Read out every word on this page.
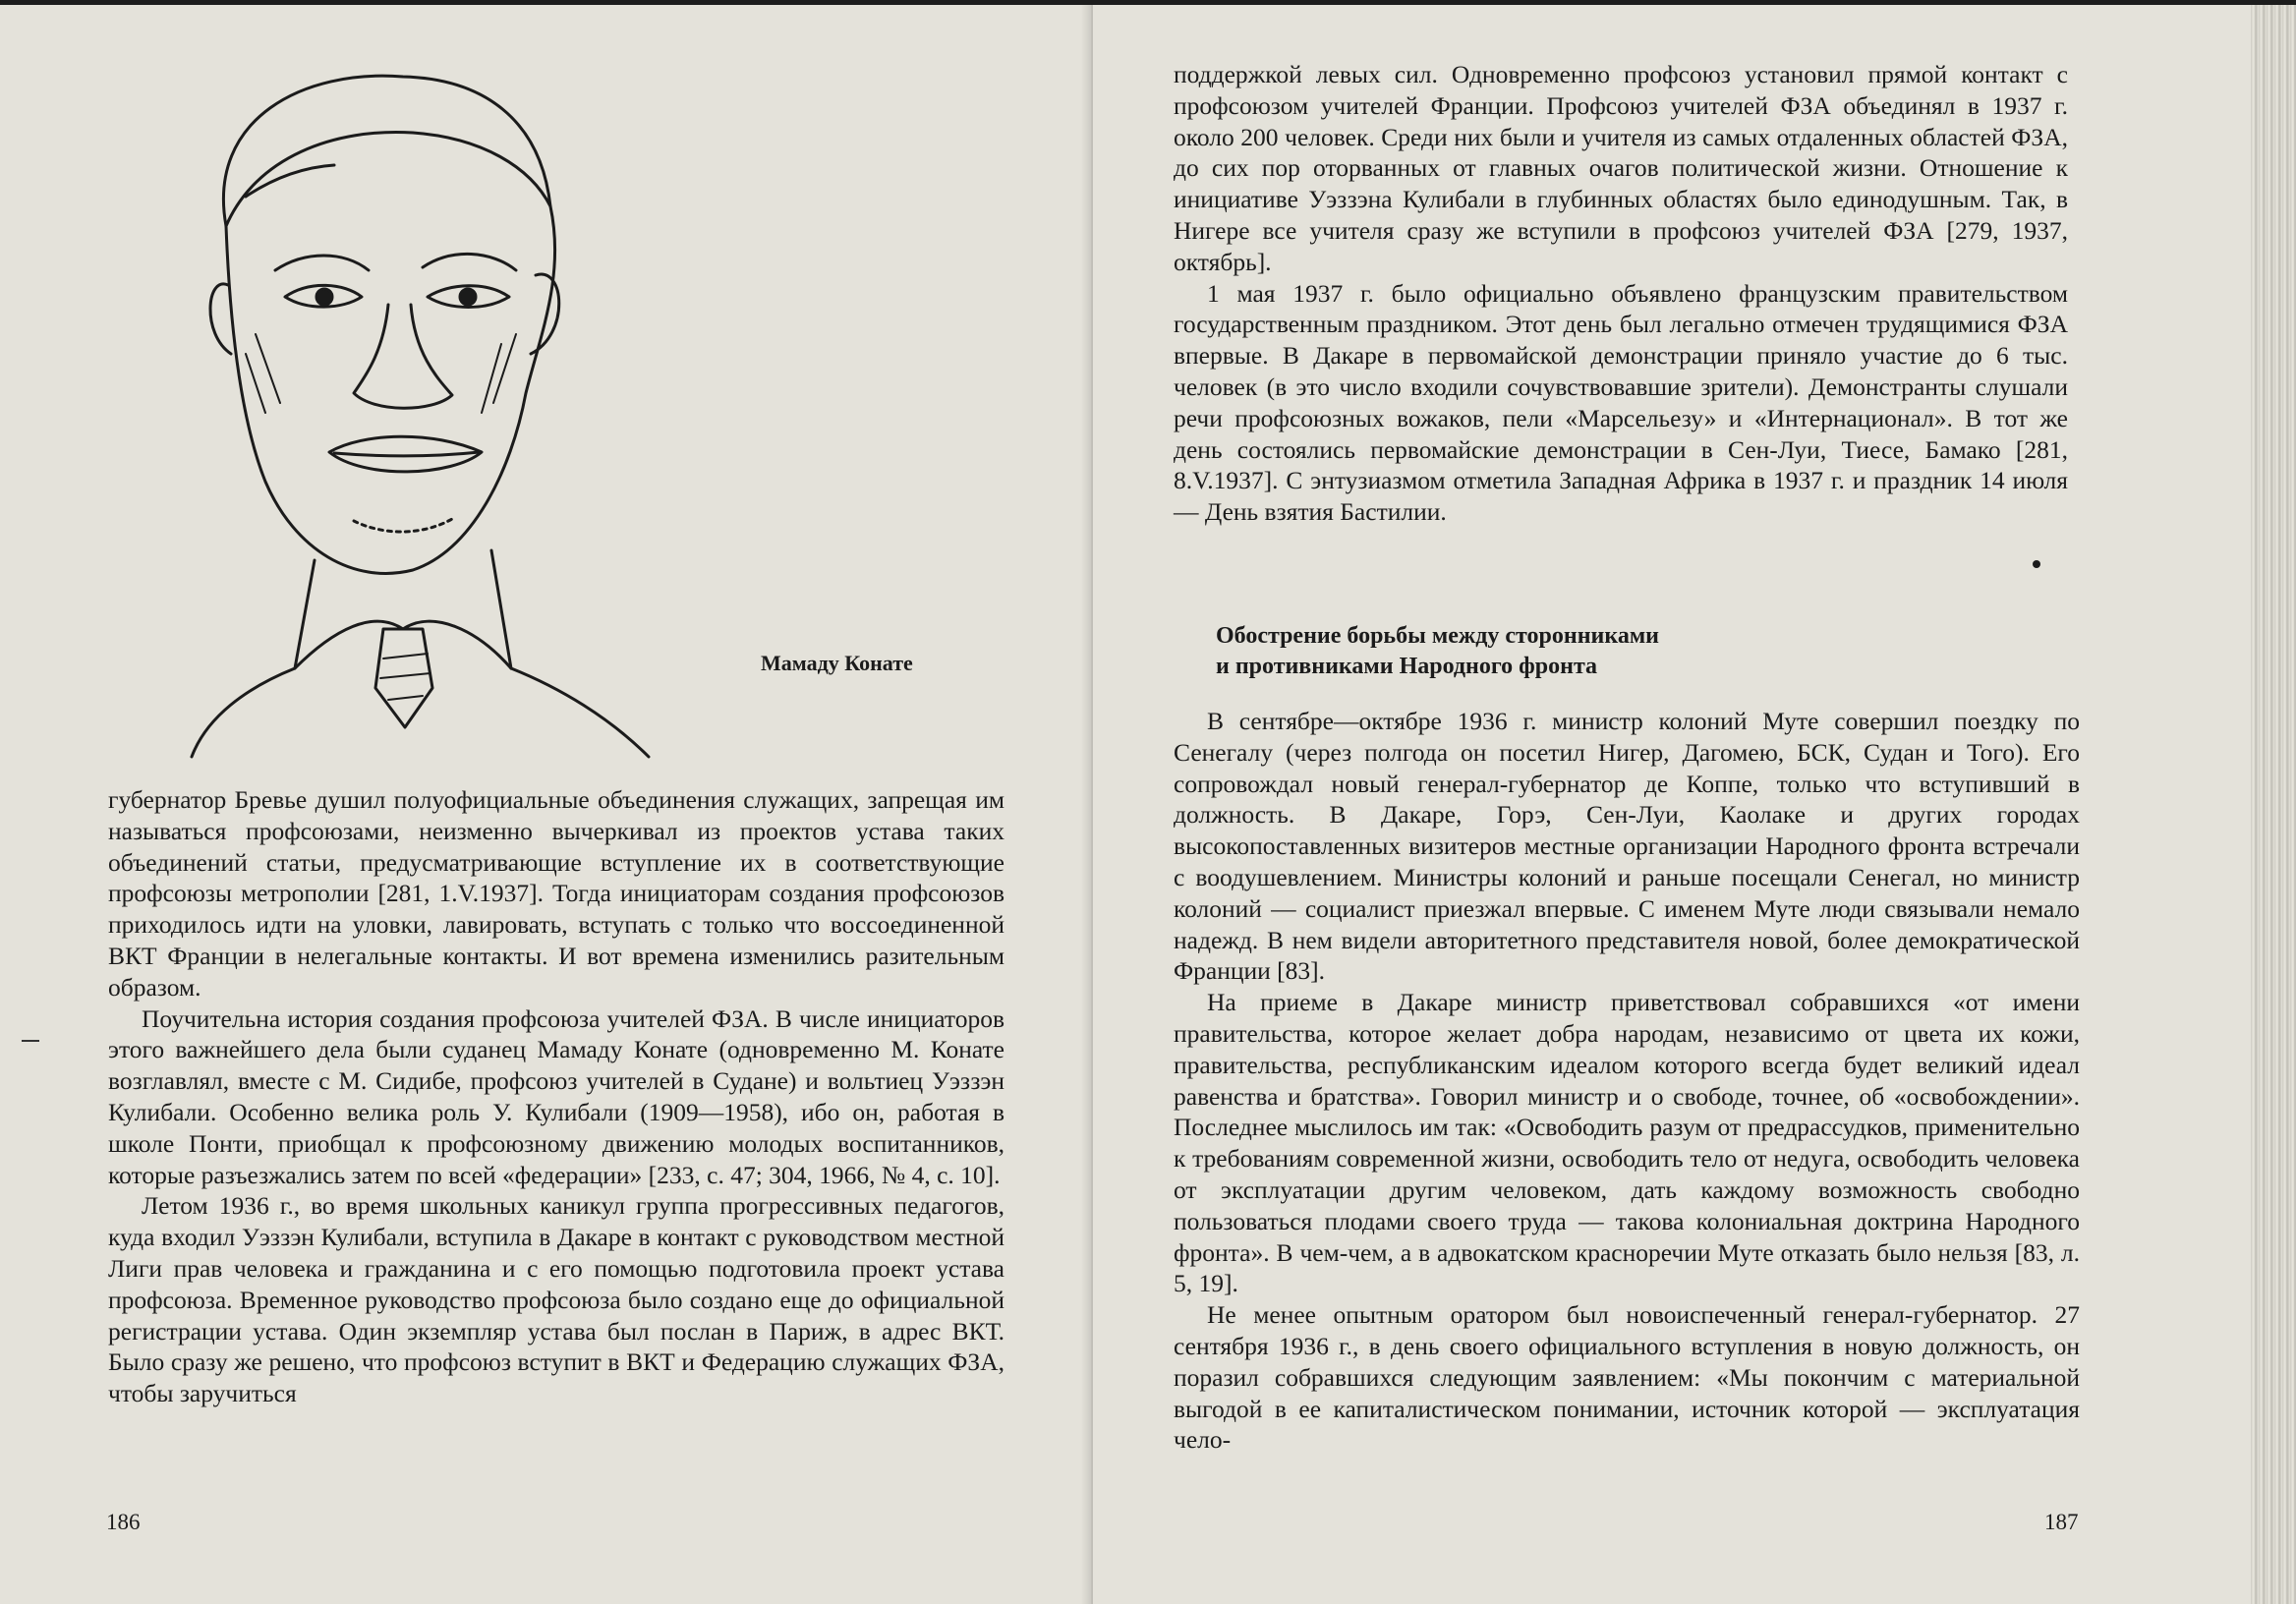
Мамаду Конате

губернатор Бревье душил полуофициальные объединения служащих, запрещая им называться профсоюзами, неизменно вычеркивал из проектов устава таких объединений статьи, предусматривающие вступление их в соответствующие профсоюзы метрополии [281, 1.V.1937]. Тогда инициаторам создания профсоюзов приходилось идти на уловки, лавировать, вступать с только что воссоединенной ВКТ Франции в нелегальные контакты. И вот времена изменились разительным образом.

Поучительна история создания профсоюза учителей ФЗА. В числе инициаторов этого важнейшего дела были суданец Мамаду Конате (одновременно М. Конате возглавлял, вместе с М. Сидибе, профсоюз учителей в Судане) и вольтиец Уэззэн Кулибали. Особенно велика роль У. Кулибали (1909—1958), ибо он, работая в школе Понти, приобщал к профсоюзному движению молодых воспитанников, которые разъезжались затем по всей «федерации» [233, с. 47; 304, 1966, № 4, с. 10].

Летом 1936 г., во время школьных каникул группа прогрессивных педагогов, куда входил Уэззэн Кулибали, вступила в Дакаре в контакт с руководством местной Лиги прав человека и гражданина и с его помощью подготовила проект устава профсоюза. Временное руководство профсоюза было создано еще до официальной регистрации устава. Один экземпляр устава был послан в Париж, в адрес ВКТ. Было сразу же решено, что профсоюз вступит в ВКТ и Федерацию служащих ФЗА, чтобы заручиться

186

поддержкой левых сил. Одновременно профсоюз установил прямой контакт с профсоюзом учителей Франции. Профсоюз учителей ФЗА объединял в 1937 г. около 200 человек. Среди них были и учителя из самых отдаленных областей ФЗА, до сих пор оторванных от главных очагов политической жизни. Отношение к инициативе Уэззэна Кулибали в глубинных областях было единодушным. Так, в Нигере все учителя сразу же вступили в профсоюз учителей ФЗА [279, 1937, октябрь].

1 мая 1937 г. было официально объявлено французским правительством государственным праздником. Этот день был легально отмечен трудящимися ФЗА впервые. В Дакаре в первомайской демонстрации приняло участие до 6 тыс. человек (в это число входили сочувствовавшие зрители). Демонстранты слушали речи профсоюзных вожаков, пели «Марсельезу» и «Интернационал». В тот же день состоялись первомайские демонстрации в Сен-Луи, Тиесе, Бамако [281, 8.V.1937]. С энтузиазмом отметила Западная Африка в 1937 г. и праздник 14 июля — День взятия Бастилии.

Обострение борьбы между сторонниками
и противниками Народного фронта

В сентябре—октябре 1936 г. министр колоний Муте совершил поездку по Сенегалу (через полгода он посетил Нигер, Дагомею, БСК, Судан и Того). Его сопровождал новый генерал-губернатор де Коппе, только что вступивший в должность. В Дакаре, Горэ, Сен-Луи, Каолаке и других городах высокопоставленных визитеров местные организации Народного фронта встречали с воодушевлением. Министры колоний и раньше посещали Сенегал, но министр колоний — социалист приезжал впервые. С именем Муте люди связывали немало надежд. В нем видели авторитетного представителя новой, более демократической Франции [83].

На приеме в Дакаре министр приветствовал собравшихся «от имени правительства, которое желает добра народам, независимо от цвета их кожи, правительства, республиканским идеалом которого всегда будет великий идеал равенства и братства». Говорил министр и о свободе, точнее, об «освобождении». Последнее мыслилось им так: «Освободить разум от предрассудков, применительно к требованиям современной жизни, освободить тело от недуга, освободить человека от эксплуатации другим человеком, дать каждому возможность свободно пользоваться плодами своего труда — такова колониальная доктрина Народного фронта». В чем-чем, а в адвокатском красноречии Муте отказать было нельзя [83, л. 5, 19].

Не менее опытным оратором был новоиспеченный генерал-губернатор. 27 сентября 1936 г., в день своего официального вступления в новую должность, он поразил собравшихся следующим заявлением: «Мы покончим с материальной выгодой в ее капиталистическом понимании, источник которой — эксплуатация чело-

187
